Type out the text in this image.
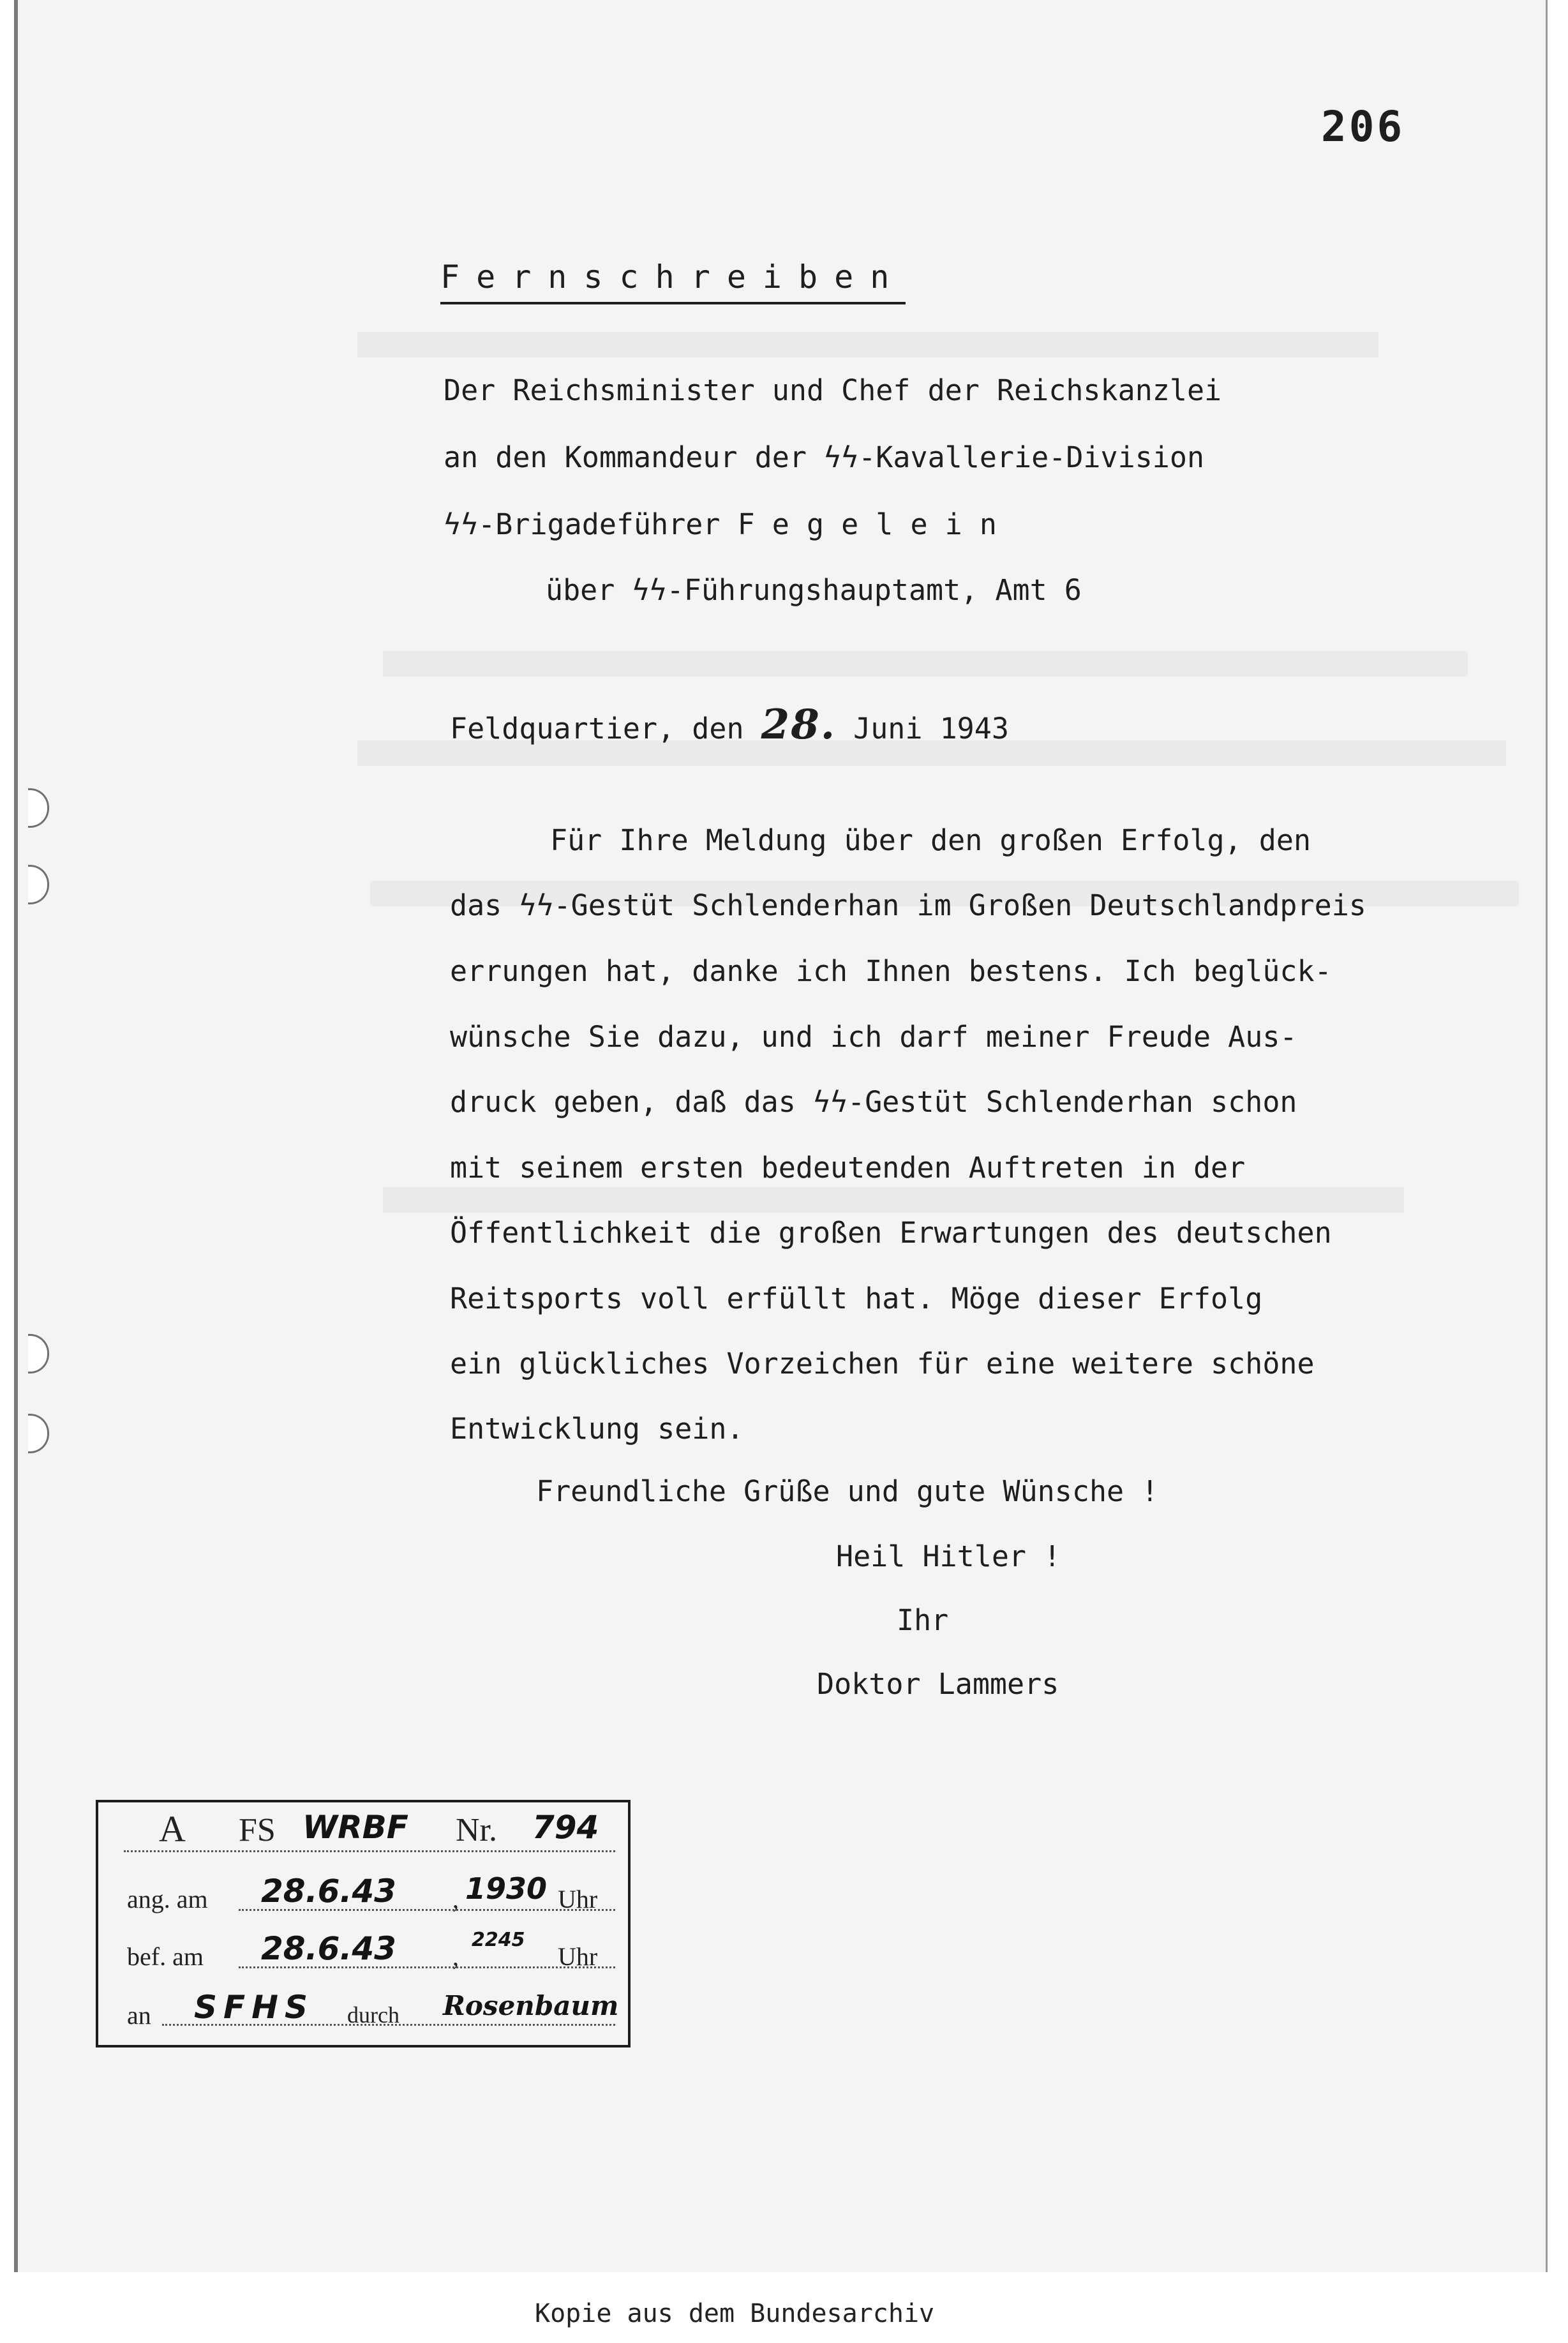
206
Fernschreiben
Der Reichsminister und Chef der Reichskanzlei
an den Kommandeur der ϟϟ-Kavallerie-Division
ϟϟ-Brigadeführer F e g e l e i n
über ϟϟ-Führungshauptamt, Amt 6
Feldquartier, den 28. Juni 1943
Für Ihre Meldung über den großen Erfolg, den
das ϟϟ-Gestüt Schlenderhan im Großen Deutschlandpreis
errungen hat, danke ich Ihnen bestens. Ich beglück-
wünsche Sie dazu, und ich darf meiner Freude Aus-
druck geben, daß das ϟϟ-Gestüt Schlenderhan schon
mit seinem ersten bedeutenden Auftreten in der
Öffentlichkeit die großen Erwartungen des deutschen
Reitsports voll erfüllt hat. Möge dieser Erfolg
ein glückliches Vorzeichen für eine weitere schöne
Entwicklung sein.
Freundliche Grüße und gute Wünsche !
Heil Hitler !
Ihr
Doktor Lammers
A FS WRBF Nr. 794
ang. am 28.6.43 , 1930 Uhr
bef. am 28.6.43 ,
2245
Uhr
an SFHS durch Rosenbaum
Kopie aus dem Bundesarchiv
